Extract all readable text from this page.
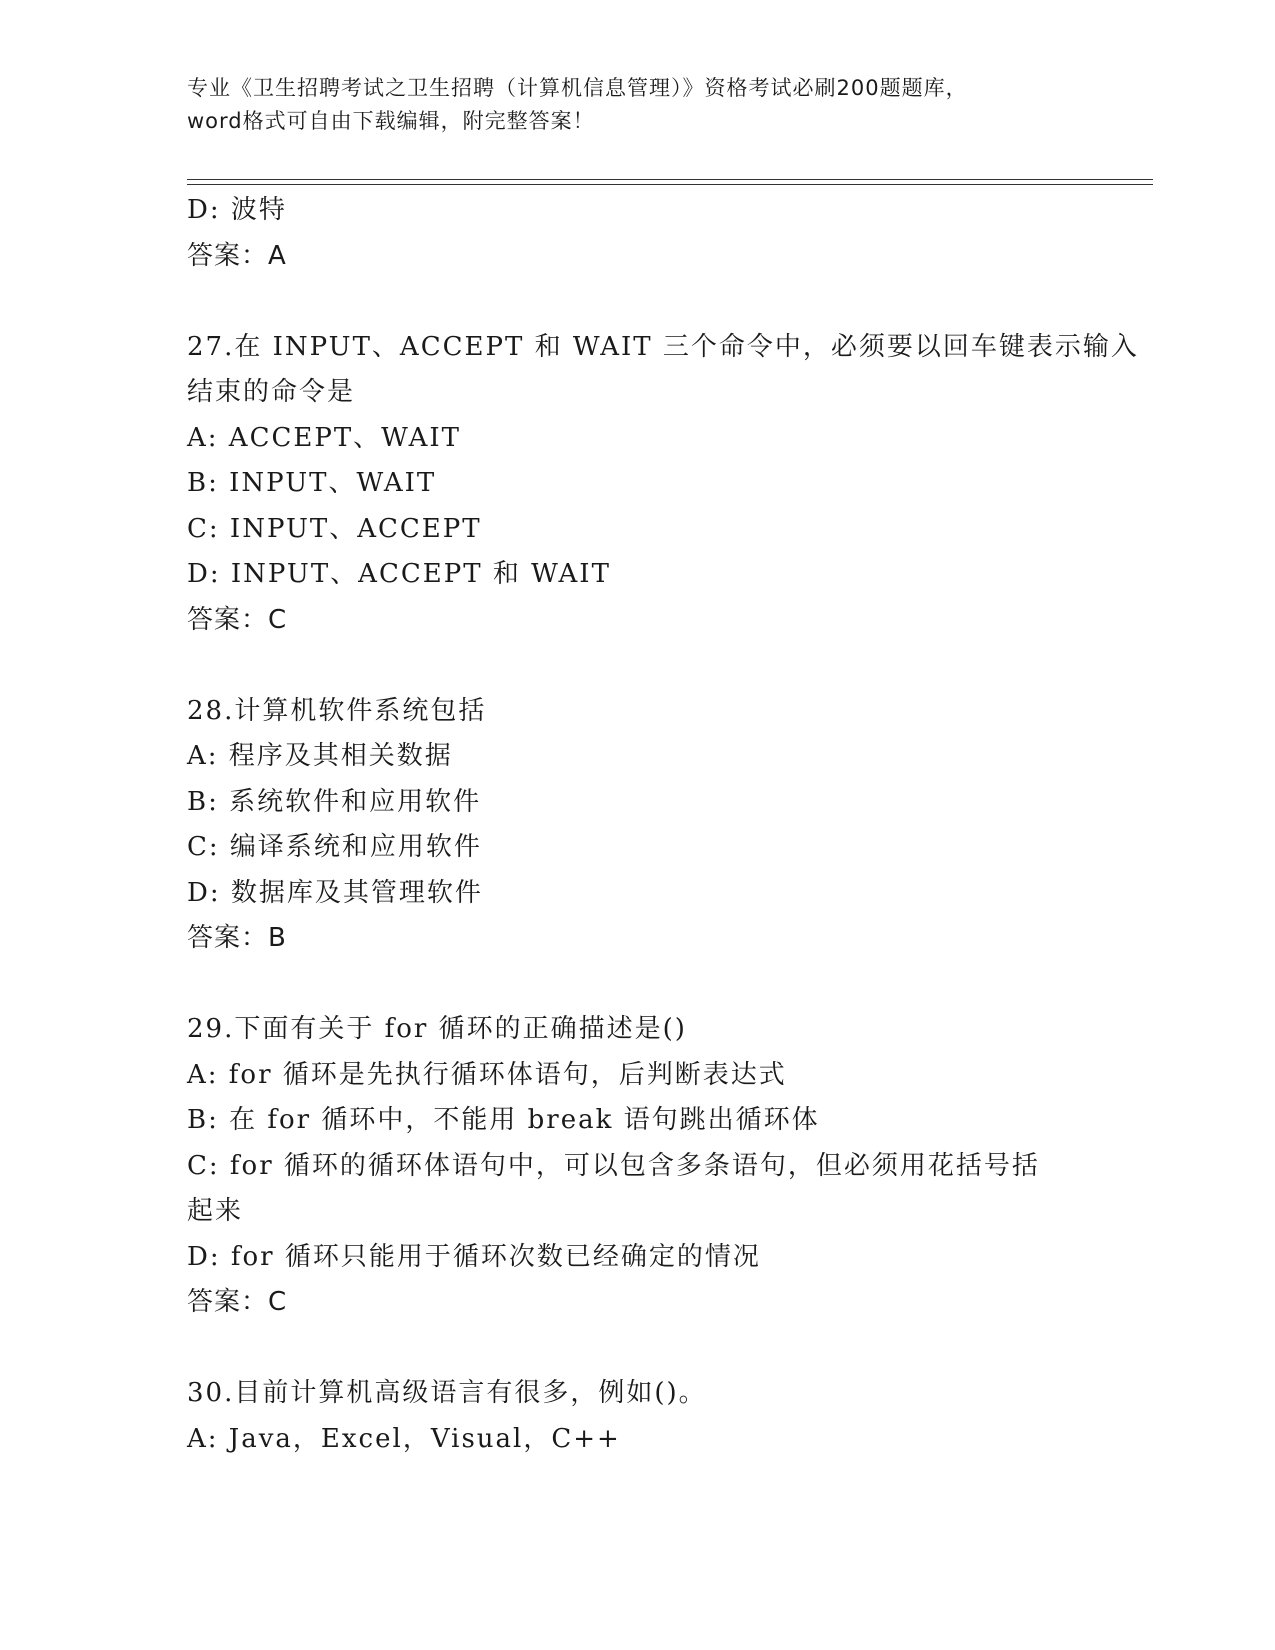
专业《卫生招聘考试之卫生招聘（计算机信息管理）》资格考试必刷200题题库，
word格式可自由下载编辑，附完整答案！
D: 波特
答案：A
27.在 INPUT、ACCEPT 和 WAIT 三个命令中，必须要以回车键表示输入
结束的命令是
A: ACCEPT、WAIT
B: INPUT、WAIT
C: INPUT、ACCEPT
D: INPUT、ACCEPT 和 WAIT
答案：C
28.计算机软件系统包括
A: 程序及其相关数据
B: 系统软件和应用软件
C: 编译系统和应用软件
D: 数据库及其管理软件
答案：B
29.下面有关于 for 循环的正确描述是()
A: for 循环是先执行循环体语句，后判断表达式
B: 在 for 循环中，不能用 break 语句跳出循环体
C: for 循环的循环体语句中，可以包含多条语句，但必须用花括号括
起来
D: for 循环只能用于循环次数已经确定的情况
答案：C
30.目前计算机高级语言有很多，例如()。
A: Java，Excel，Visual，C++
